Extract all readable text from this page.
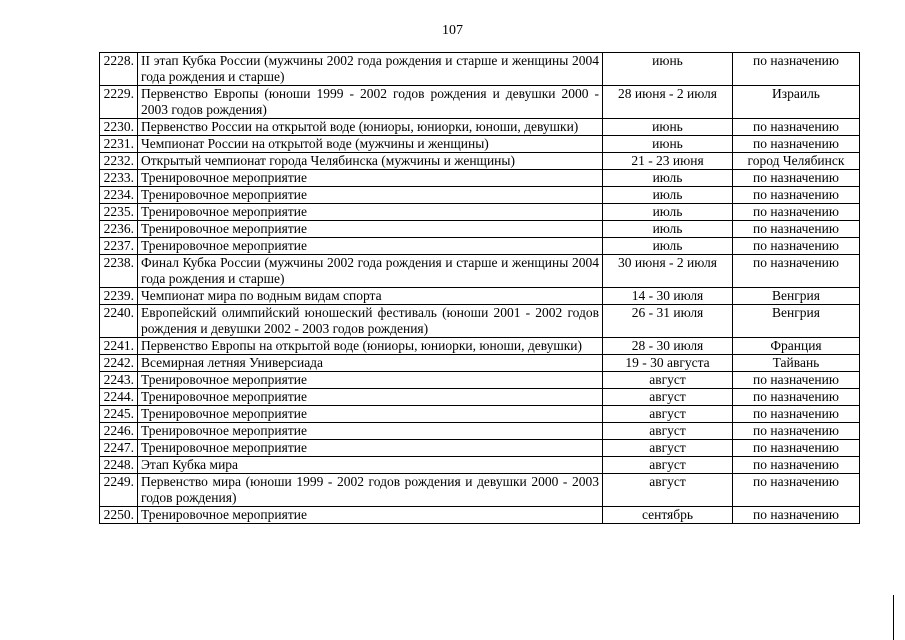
107
2228.	II этап Кубка России (мужчины 2002 года рождения и старше и женщины 2004 года рождения и старше)	июнь	по назначению
2229.	Первенство Европы (юноши 1999 - 2002 годов рождения и девушки 2000 - 2003 годов рождения)	28 июня - 2 июля	Израиль
2230.	Первенство России на открытой воде (юниоры, юниорки, юноши, девушки)	июнь	по назначению
2231.	Чемпионат России на открытой воде (мужчины и женщины)	июнь	по назначению
2232.	Открытый чемпионат города Челябинска (мужчины и женщины)	21 - 23 июня	город Челябинск
2233.	Тренировочное мероприятие	июль	по назначению
2234.	Тренировочное мероприятие	июль	по назначению
2235.	Тренировочное мероприятие	июль	по назначению
2236.	Тренировочное мероприятие	июль	по назначению
2237.	Тренировочное мероприятие	июль	по назначению
2238.	Финал Кубка России (мужчины 2002 года рождения и старше и женщины 2004 года рождения и старше)	30 июня - 2 июля	по назначению
2239.	Чемпионат мира по водным видам спорта	14 - 30 июля	Венгрия
2240.	Европейский олимпийский юношеский фестиваль (юноши 2001 - 2002 годов рождения и девушки 2002 - 2003 годов рождения)	26 - 31 июля	Венгрия
2241.	Первенство Европы на открытой воде (юниоры, юниорки, юноши, девушки)	28 - 30 июля	Франция
2242.	Всемирная летняя Универсиада	19 - 30 августа	Тайвань
2243.	Тренировочное мероприятие	август	по назначению
2244.	Тренировочное мероприятие	август	по назначению
2245.	Тренировочное мероприятие	август	по назначению
2246.	Тренировочное мероприятие	август	по назначению
2247.	Тренировочное мероприятие	август	по назначению
2248.	Этап Кубка мира	август	по назначению
2249.	Первенство мира (юноши 1999 - 2002 годов рождения и девушки 2000 - 2003 годов рождения)	август	по назначению
2250.	Тренировочное мероприятие	сентябрь	по назначению
